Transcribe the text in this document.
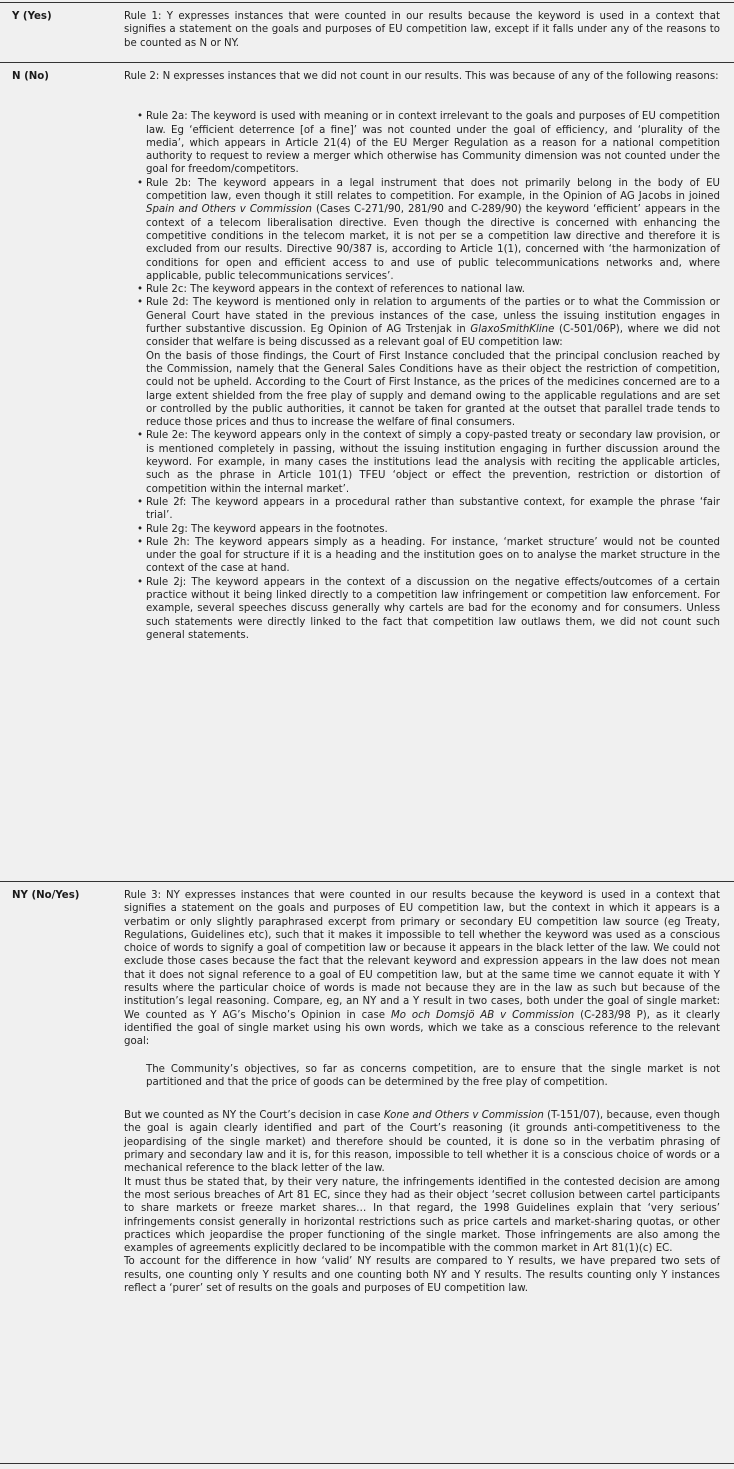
Y (Yes)	Rule 1: Y expresses instances that were counted in our results because the keyword is used in a context that signifies a statement on the goals and purposes of EU competition law, except if it falls under any of the reasons to be counted as N or NY.

N (No)	Rule 2: N expresses instances that we did not count in our results. This was because of any of the following reasons:

• Rule 2a: The keyword is used with meaning or in context irrelevant to the goals and purposes of EU competition law. Eg ‘efficient deterrence [of a fine]’ was not counted under the goal of efficiency, and ‘plurality of the media’, which appears in Article 21(4) of the EU Merger Regulation as a reason for a national competition authority to request to review a merger which otherwise has Community dimension was not counted under the goal for freedom/competitors.
• Rule 2b: The keyword appears in a legal instrument that does not primarily belong in the body of EU competition law, even though it still relates to competition. For example, in the Opinion of AG Jacobs in joined Spain and Others v Commission (Cases C-271/90, 281/90 and C-289/90) the keyword ‘efficient’ appears in the context of a telecom liberalisation directive. Even though the directive is concerned with enhancing the competitive conditions in the telecom market, it is not per se a competition law directive and therefore it is excluded from our results. Directive 90/387 is, according to Article 1(1), concerned with ‘the harmonization of conditions for open and efficient access to and use of public telecommunications networks and, where applicable, public telecommunications services’.
• Rule 2c: The keyword appears in the context of references to national law.
• Rule 2d: The keyword is mentioned only in relation to arguments of the parties or to what the Commission or General Court have stated in the previous instances of the case, unless the issuing institution engages in further substantive discussion. Eg Opinion of AG Trstenjak in GlaxoSmithKline (C-501/06P), where we did not consider that welfare is being discussed as a relevant goal of EU competition law:
On the basis of those findings, the Court of First Instance concluded that the principal conclusion reached by the Commission, namely that the General Sales Conditions have as their object the restriction of competition, could not be upheld. According to the Court of First Instance, as the prices of the medicines concerned are to a large extent shielded from the free play of supply and demand owing to the applicable regulations and are set or controlled by the public authorities, it cannot be taken for granted at the outset that parallel trade tends to reduce those prices and thus to increase the welfare of final consumers.
• Rule 2e: The keyword appears only in the context of simply a copy-pasted treaty or secondary law provision, or is mentioned completely in passing, without the issuing institution engaging in further discussion around the keyword. For example, in many cases the institutions lead the analysis with reciting the applicable articles, such as the phrase in Article 101(1) TFEU ‘object or effect the prevention, restriction or distortion of competition within the internal market’.
• Rule 2f: The keyword appears in a procedural rather than substantive context, for example the phrase ‘fair trial’.
• Rule 2g: The keyword appears in the footnotes.
• Rule 2h: The keyword appears simply as a heading. For instance, ‘market structure’ would not be counted under the goal for structure if it is a heading and the institution goes on to analyse the market structure in the context of the case at hand.
• Rule 2j: The keyword appears in the context of a discussion on the negative effects/outcomes of a certain practice without it being linked directly to a competition law infringement or competition law enforcement. For example, several speeches discuss generally why cartels are bad for the economy and for consumers. Unless such statements were directly linked to the fact that competition law outlaws them, we did not count such general statements.
NY (No/Yes)	Rule 3: NY expresses instances that were counted in our results because the keyword is used in a context that signifies a statement on the goals and purposes of EU competition law, but the context in which it appears is a verbatim or only slightly paraphrased excerpt from primary or secondary EU competition law source (eg Treaty, Regulations, Guidelines etc), such that it makes it impossible to tell whether the keyword was used as a conscious choice of words to signify a goal of competition law or because it appears in the black letter of the law. We could not exclude those cases because the fact that the relevant keyword and expression appears in the law does not mean that it does not signal reference to a goal of EU competition law, but at the same time we cannot equate it with Y results where the particular choice of words is made not because they are in the law as such but because of the institution’s legal reasoning. Compare, eg, an NY and a Y result in two cases, both under the goal of single market: We counted as Y AG’s Mischo’s Opinion in case Mo och Domsjö AB v Commission (C-283/98 P), as it clearly identified the goal of single market using his own words, which we take as a conscious reference to the relevant goal:

The Community’s objectives, so far as concerns competition, are to ensure that the single market is not partitioned and that the price of goods can be determined by the free play of competition.

But we counted as NY the Court’s decision in case Kone and Others v Commission (T-151/07), because, even though the goal is again clearly identified and part of the Court’s reasoning (it grounds anti-competitiveness to the jeopardising of the single market) and therefore should be counted, it is done so in the verbatim phrasing of primary and secondary law and it is, for this reason, impossible to tell whether it is a conscious choice of words or a mechanical reference to the black letter of the law.

It must thus be stated that, by their very nature, the infringements identified in the contested decision are among the most serious breaches of Art 81 EC, since they had as their object ‘secret collusion between cartel participants to share markets or freeze market shares… In that regard, the 1998 Guidelines explain that ‘very serious’ infringements consist generally in horizontal restrictions such as price cartels and market-sharing quotas, or other practices which jeopardise the proper functioning of the single market. Those infringements are also among the examples of agreements explicitly declared to be incompatible with the common market in Art 81(1)(c) EC.

To account for the difference in how ‘valid’ NY results are compared to Y results, we have prepared two sets of results, one counting only Y results and one counting both NY and Y results. The results counting only Y instances reflect a ‘purer’ set of results on the goals and purposes of EU competition law.
